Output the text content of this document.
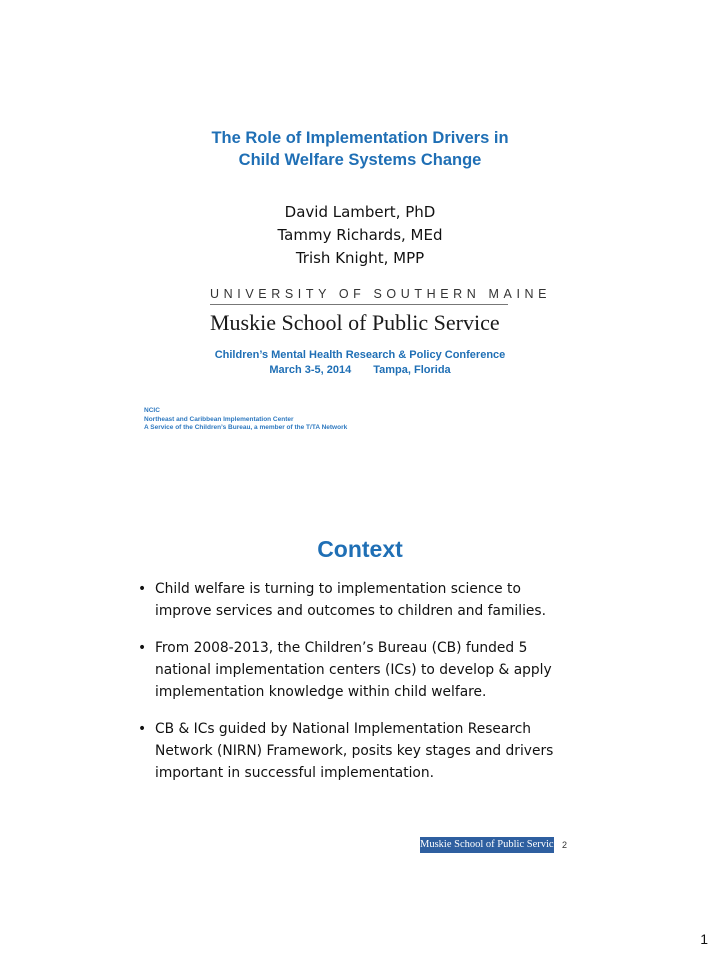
The Role of Implementation Drivers in
Child Welfare Systems Change
David Lambert, PhD
Tammy Richards, MEd
Trish Knight, MPP
UNIVERSITY OF SOUTHERN MAINE
Muskie School of Public Service
Children’s Mental Health Research & Policy Conference
March 3-5, 2014 Tampa, Florida
NCIC
Northeast and Caribbean Implementation Center
A Service of the Children’s Bureau, a member of the T/TA Network
Context
• Child welfare is turning to implementation science to improve services and outcomes to children and families.
• From 2008-2013, the Children’s Bureau (CB) funded 5 national implementation centers (ICs) to develop & apply implementation knowledge within child welfare.
• CB & ICs guided by National Implementation Research Network (NIRN) Framework, posits key stages and drivers important in successful implementation.
Muskie School of Public Service 2
1
